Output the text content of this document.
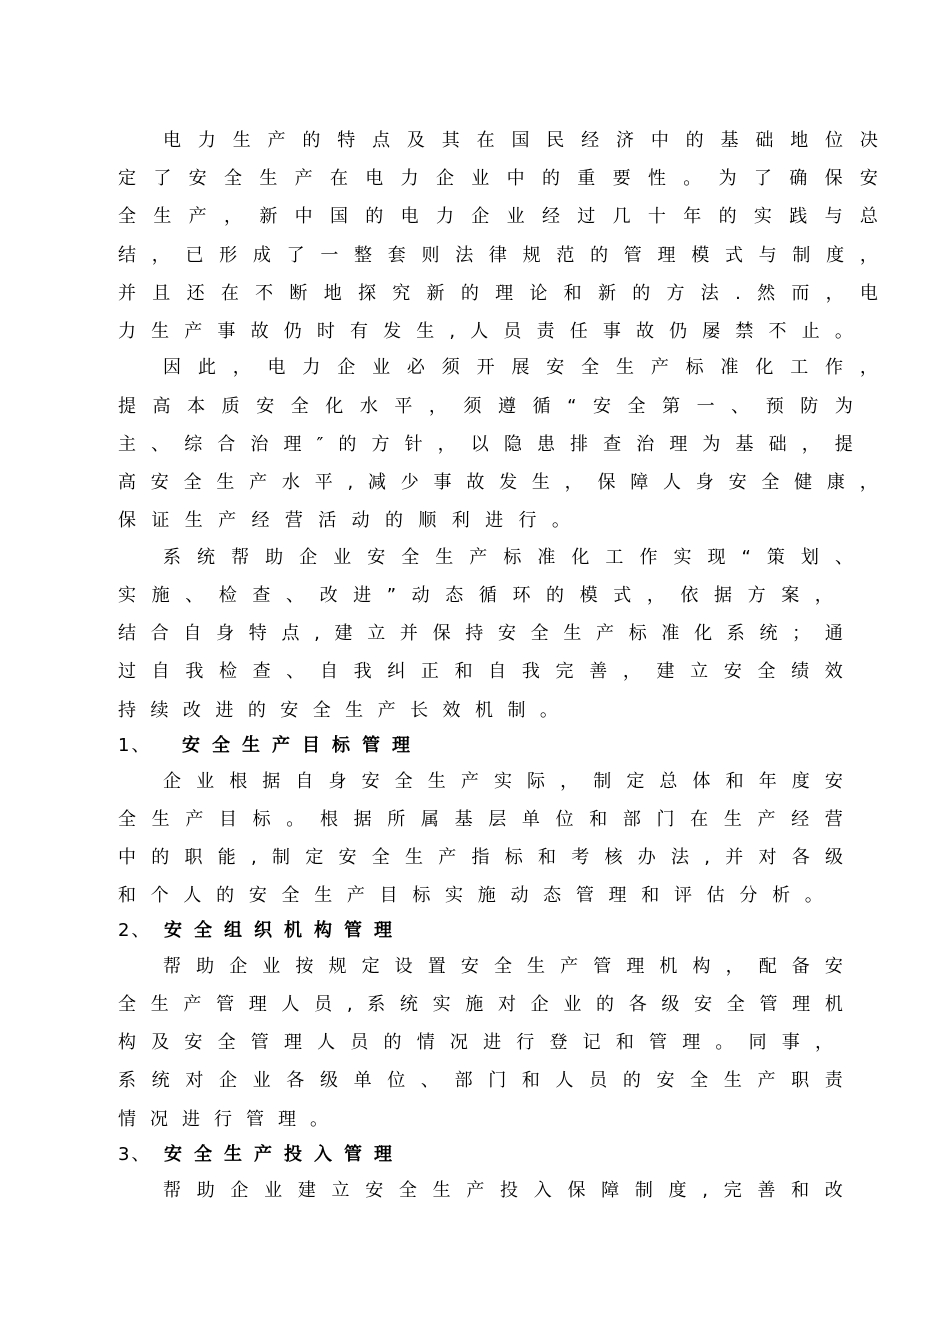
电 力 生 产 的 特 点 及 其 在 国 民 经 济 中 的 基 础 地 位 决
定 了 安 全 生 产 在 电 力 企 业 中 的 重 要 性 。 为 了 确 保 安
全 生 产 ， 新 中 国 的 电 力 企 业 经 过 几 十 年 的 实 践 与 总
结 ， 已 形 成 了 一 整 套 则 法 律 规 范 的 管 理 模 式 与 制 度 ，
并 且 还 在 不 断 地 探 究 新 的 理 论 和 新 的 方 法 . 然 而 ， 电
力 生 产 事 故 仍 时 有 发 生 , 人 员 责 任 事 故 仍 屡 禁 不 止 。
因 此 ， 电 力 企 业 必 须 开 展 安 全 生 产 标 准 化 工 作 ，
提 高 本 质 安 全 化 水 平 ， 须 遵 循 “ 安 全 第 一 、 预 防 为
主 、 综 合 治 理 ″ 的 方 针 ， 以 隐 患 排 查 治 理 为 基 础 ， 提
高 安 全 生 产 水 平 , 减 少 事 故 发 生 ， 保 障 人 身 安 全 健 康 ，
保 证 生 产 经 营 活 动 的 顺 利 进 行 。
系 统 帮 助 企 业 安 全 生 产 标 准 化 工 作 实 现 “ 策 划 、
实 施 、 检 查 、 改 进 ” 动 态 循 环 的 模 式 ， 依 据 方 案 ，
结 合 自 身 特 点 , 建 立 并 保 持 安 全 生 产 标 准 化 系 统 ； 通
过 自 我 检 查 、 自 我 纠 正 和 自 我 完 善 ， 建 立 安 全 绩 效
持 续 改 进 的 安 全 生 产 长 效 机 制 。
1、 安全生产目标管理
企 业 根 据 自 身 安 全 生 产 实 际 ， 制 定 总 体 和 年 度 安
全 生 产 目 标 。 根 据 所 属 基 层 单 位 和 部 门 在 生 产 经 营
中 的 职 能 , 制 定 安 全 生 产 指 标 和 考 核 办 法 , 并 对 各 级
和 个 人 的 安 全 生 产 目 标 实 施 动 态 管 理 和 评 估 分 析 。
2、 安全组织机构管理
帮 助 企 业 按 规 定 设 置 安 全 生 产 管 理 机 构 ， 配 备 安
全 生 产 管 理 人 员 , 系 统 实 施 对 企 业 的 各 级 安 全 管 理 机
构 及 安 全 管 理 人 员 的 情 况 进 行 登 记 和 管 理 。 同 事 ，
系 统 对 企 业 各 级 单 位 、 部 门 和 人 员 的 安 全 生 产 职 责
情 况 进 行 管 理 。
3、 安全生产投入管理
帮 助 企 业 建 立 安 全 生 产 投 入 保 障 制 度 , 完 善 和 改
